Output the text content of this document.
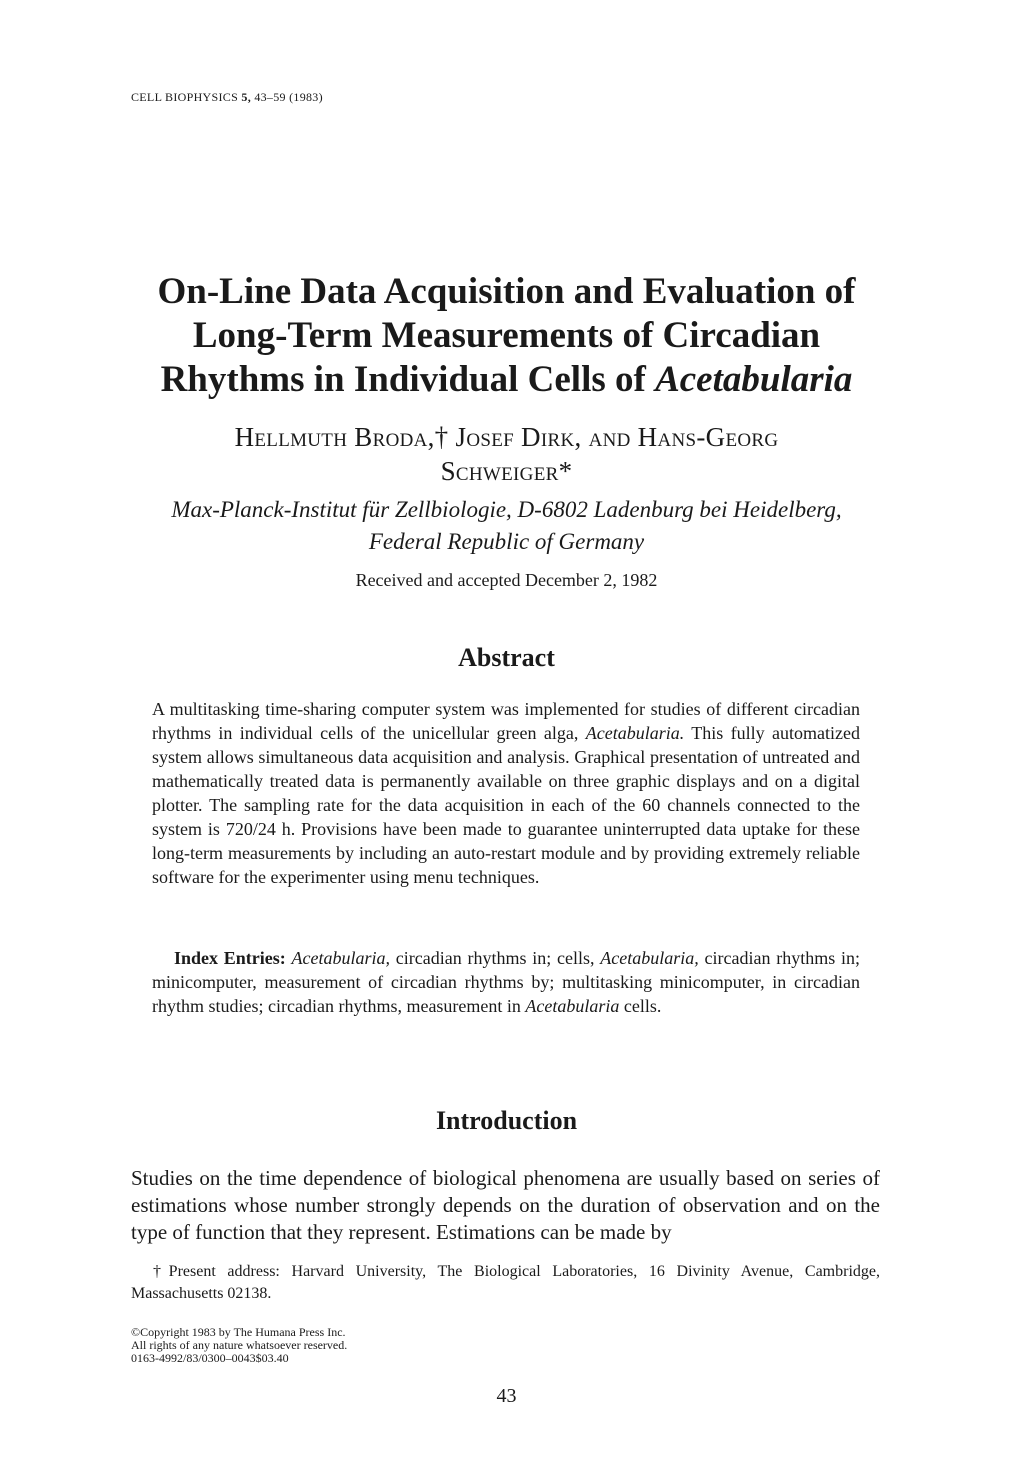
CELL BIOPHYSICS 5, 43–59 (1983)
On-Line Data Acquisition and Evaluation of
Long-Term Measurements of Circadian
Rhythms in Individual Cells of Acetabularia
Hellmuth Broda,† Josef Dirk, and Hans-Georg
Schweiger*
Max-Planck-Institut für Zellbiologie, D-6802 Ladenburg bei Heidelberg,
Federal Republic of Germany
Received and accepted December 2, 1982
Abstract

A multitasking time-sharing computer system was implemented for studies of different circadian rhythms in individual cells of the unicellular green alga, Acetabularia. This fully automatized system allows simultaneous data acquisition and analysis. Graphical presentation of untreated and mathematically treated data is permanently available on three graphic displays and on a digital plotter. The sampling rate for the data acquisition in each of the 60 channels connected to the system is 720/24 h. Provisions have been made to guarantee uninterrupted data uptake for these long-term measurements by including an auto-restart module and by providing extremely reliable software for the experimenter using menu techniques.

Index Entries: Acetabularia, circadian rhythms in; cells, Acetabularia, circadian rhythms in; minicomputer, measurement of circadian rhythms by; multitasking minicomputer, in circadian rhythm studies; circadian rhythms, measurement in Acetabularia cells.

Introduction

Studies on the time dependence of biological phenomena are usually based on series of estimations whose number strongly depends on the duration of observation and on the type of function that they represent. Estimations can be made by

†Present address: Harvard University, The Biological Laboratories, 16 Divinity Avenue, Cambridge, Massachusetts 02138.

©Copyright 1983 by The Humana Press Inc.
All rights of any nature whatsoever reserved.
0163-4992/83/0300–0043$03.40
43
